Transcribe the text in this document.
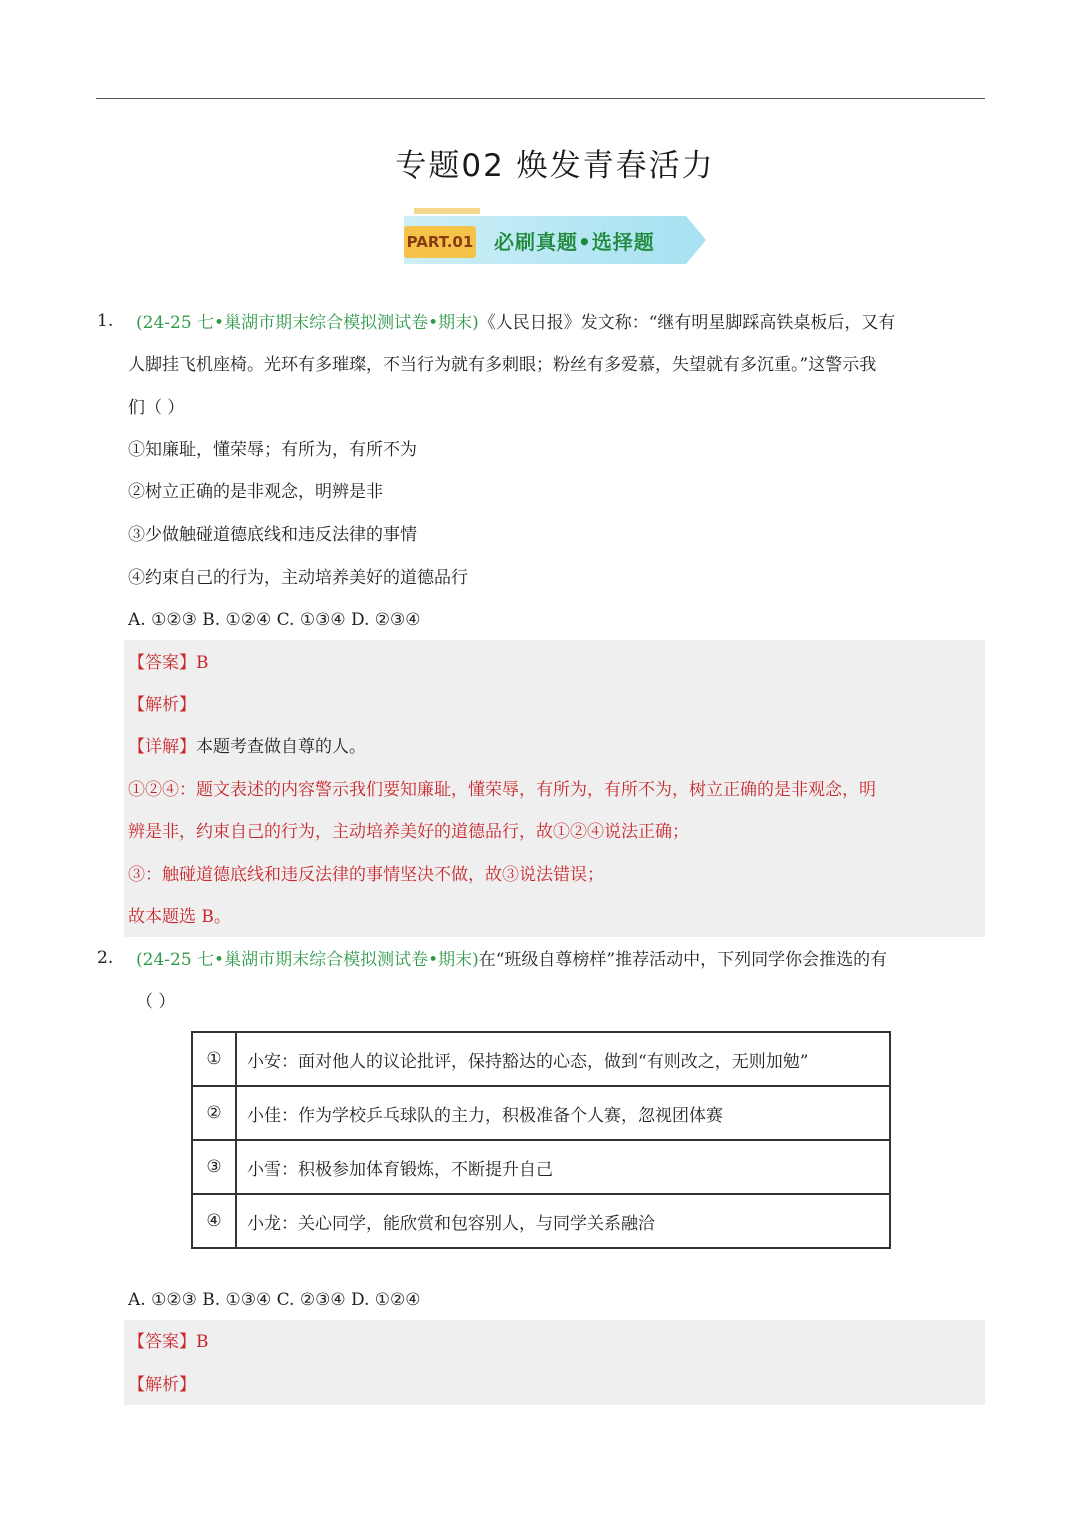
专题02 焕发青春活力
PART.01 必刷真题•选择题
1. (24-25 七•巢湖市期末综合模拟测试卷•期末)《人民日报》发文称：“继有明星脚踩高铁桌板后，又有
人脚挂飞机座椅。光环有多璀璨，不当行为就有多刺眼；粉丝有多爱慕，失望就有多沉重。”这警示我
们（ ）
①知廉耻，懂荣辱；有所为，有所不为
②树立正确的是非观念，明辨是非
③少做触碰道德底线和违反法律的事情
④约束自己的行为，主动培养美好的道德品行
A. ①②③ B. ①②④ C. ①③④ D. ②③④
【答案】B
【解析】
【详解】本题考查做自尊的人。
①②④：题文表述的内容警示我们要知廉耻，懂荣辱，有所为，有所不为，树立正确的是非观念，明
辨是非，约束自己的行为，主动培养美好的道德品行，故①②④说法正确；
③：触碰道德底线和违反法律的事情坚决不做，故③说法错误；
故本题选 B。
2. (24-25 七•巢湖市期末综合模拟测试卷•期末)在“班级自尊榜样”推荐活动中，下列同学你会推选的有
（ ）
①	小安：面对他人的议论批评，保持豁达的心态，做到“有则改之，无则加勉”
②	小佳：作为学校乒乓球队的主力，积极准备个人赛，忽视团体赛
③	小雪：积极参加体育锻炼，不断提升自己
④	小龙：关心同学，能欣赏和包容别人，与同学关系融洽
A. ①②③ B. ①③④ C. ②③④ D. ①②④
【答案】B
【解析】
